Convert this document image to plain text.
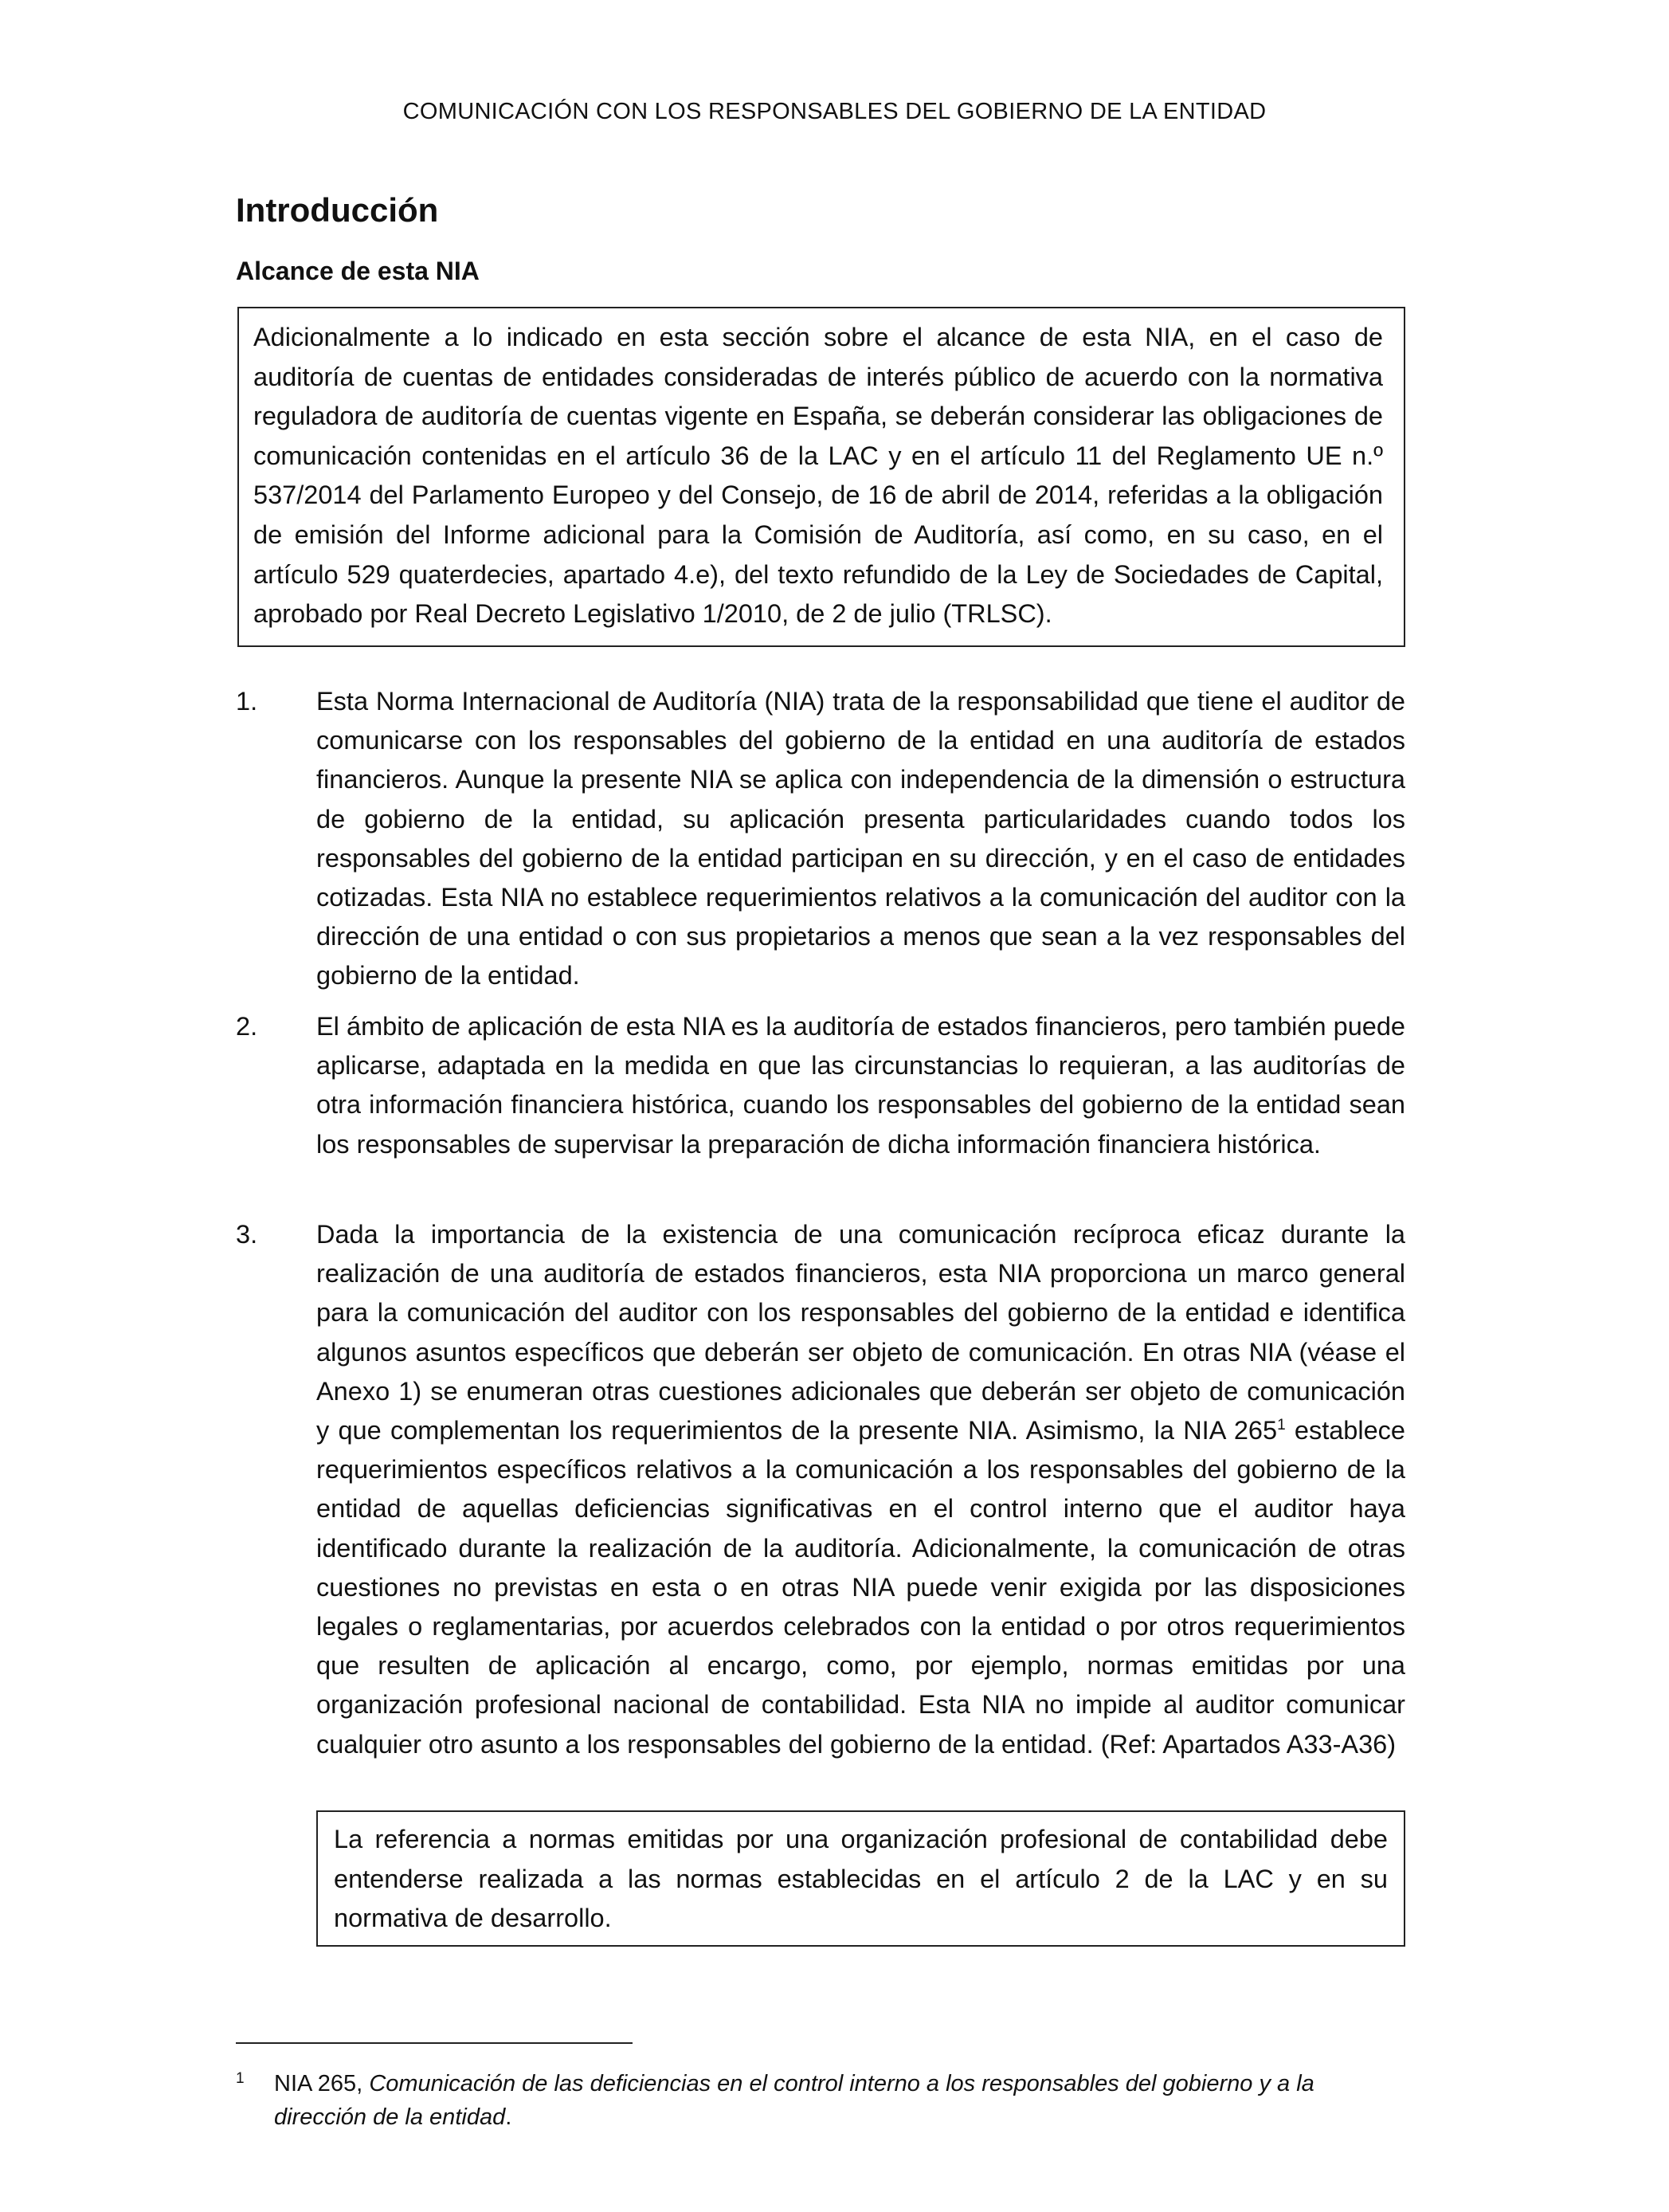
COMUNICACIÓN CON LOS RESPONSABLES DEL GOBIERNO DE LA ENTIDAD
Introducción
Alcance de esta NIA
Adicionalmente a lo indicado en esta sección sobre el alcance de esta NIA, en el caso de auditoría de cuentas de entidades consideradas de interés público de acuerdo con la normativa reguladora de auditoría de cuentas vigente en España, se deberán considerar las obligaciones de comunicación contenidas en el artículo 36 de la LAC y en el artículo 11 del Reglamento UE n.º 537/2014 del Parlamento Europeo y del Consejo, de 16 de abril de 2014, referidas a la obligación de emisión del Informe adicional para la Comisión de Auditoría, así como, en su caso, en el artículo 529 quaterdecies, apartado 4.e), del texto refundido de la Ley de Sociedades de Capital, aprobado por Real Decreto Legislativo 1/2010, de 2 de julio (TRLSC).
1. Esta Norma Internacional de Auditoría (NIA) trata de la responsabilidad que tiene el auditor de comunicarse con los responsables del gobierno de la entidad en una auditoría de estados financieros. Aunque la presente NIA se aplica con independencia de la dimensión o estructura de gobierno de la entidad, su aplicación presenta particularidades cuando todos los responsables del gobierno de la entidad participan en su dirección, y en el caso de entidades cotizadas. Esta NIA no establece requerimientos relativos a la comunicación del auditor con la dirección de una entidad o con sus propietarios a menos que sean a la vez responsables del gobierno de la entidad.
2. El ámbito de aplicación de esta NIA es la auditoría de estados financieros, pero también puede aplicarse, adaptada en la medida en que las circunstancias lo requieran, a las auditorías de otra información financiera histórica, cuando los responsables del gobierno de la entidad sean los responsables de supervisar la preparación de dicha información financiera histórica.
3. Dada la importancia de la existencia de una comunicación recíproca eficaz durante la realización de una auditoría de estados financieros, esta NIA proporciona un marco general para la comunicación del auditor con los responsables del gobierno de la entidad e identifica algunos asuntos específicos que deberán ser objeto de comunicación. En otras NIA (véase el Anexo 1) se enumeran otras cuestiones adicionales que deberán ser objeto de comunicación y que complementan los requerimientos de la presente NIA. Asimismo, la NIA $265^1$ establece requerimientos específicos relativos a la comunicación a los responsables del gobierno de la entidad de aquellas deficiencias significativas en el control interno que el auditor haya identificado durante la realización de la auditoría. Adicionalmente, la comunicación de otras cuestiones no previstas en esta o en otras NIA puede venir exigida por las disposiciones legales o reglamentarias, por acuerdos celebrados con la entidad o por otros requerimientos que resulten de aplicación al encargo, como, por ejemplo, normas emitidas por una organización profesional nacional de contabilidad. Esta NIA no impide al auditor comunicar cualquier otro asunto a los responsables del gobierno de la entidad. (Ref: Apartados A33-A36)
La referencia a normas emitidas por una organización profesional de contabilidad debe entenderse realizada a las normas establecidas en el artículo 2 de la LAC y en su normativa de desarrollo.
1 NIA 265, Comunicación de las deficiencias en el control interno a los responsables del gobierno y a la dirección de la entidad.
